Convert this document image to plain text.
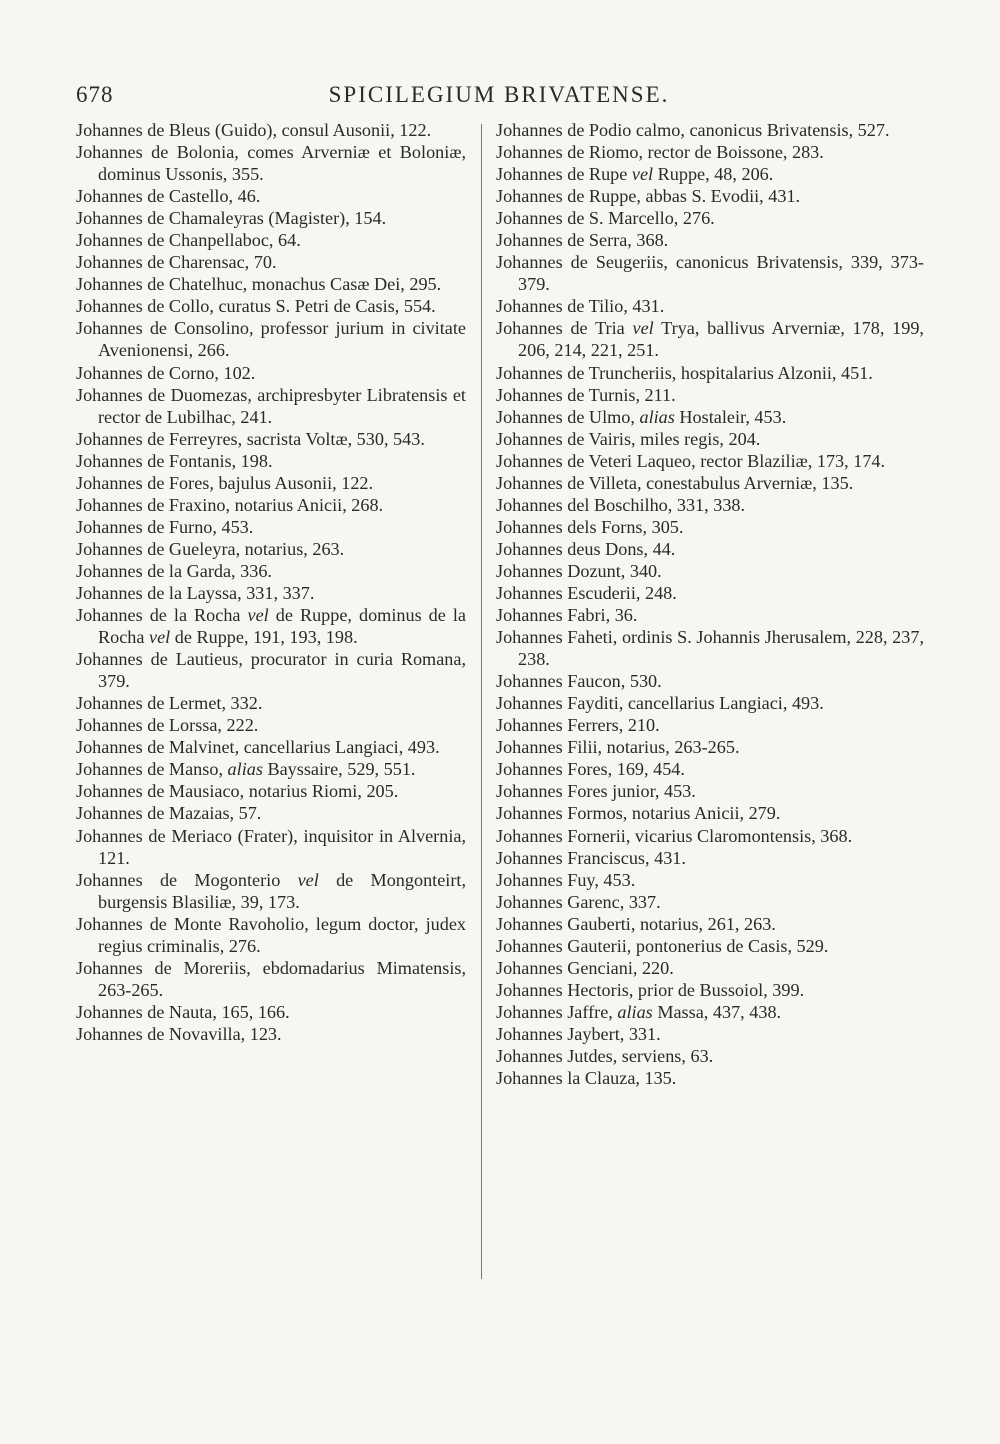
678	SPICILEGIUM BRIVATENSE.
Johannes de Bleus (Guido), consul Ausonii, 122.
Johannes de Bolonia, comes Arverniæ et Boloniæ, dominus Ussonis, 355.
Johannes de Castello, 46.
Johannes de Chamaleyras (Magister), 154.
Johannes de Chanpellaboc, 64.
Johannes de Charensac, 70.
Johannes de Chatelhuc, monachus Casæ Dei, 295.
Johannes de Collo, curatus S. Petri de Casis, 554.
Johannes de Consolino, professor jurium in civitate Avenionensi, 266.
Johannes de Corno, 102.
Johannes de Duomezas, archipresbyter Libratensis et rector de Lubilhac, 241.
Johannes de Ferreyres, sacrista Voltæ, 530, 543.
Johannes de Fontanis, 198.
Johannes de Fores, bajulus Ausonii, 122.
Johannes de Fraxino, notarius Anicii, 268.
Johannes de Furno, 453.
Johannes de Gueleyra, notarius, 263.
Johannes de la Garda, 336.
Johannes de la Layssa, 331, 337.
Johannes de la Rocha vel de Ruppe, dominus de la Rocha vel de Ruppe, 191, 193, 198.
Johannes de Lautieus, procurator in curia Romana, 379.
Johannes de Lermet, 332.
Johannes de Lorssa, 222.
Johannes de Malvinet, cancellarius Langiaci, 493.
Johannes de Manso, alias Bayssaire, 529, 551.
Johannes de Mausiaco, notarius Riomi, 205.
Johannes de Mazaias, 57.
Johannes de Meriaco (Frater), inquisitor in Alvernia, 121.
Johannes de Mogonterio vel de Mongonteirt, burgensis Blasiliæ, 39, 173.
Johannes de Monte Ravoholio, legum doctor, judex regius criminalis, 276.
Johannes de Moreriis, ebdomadarius Mimatensis, 263-265.
Johannes de Nauta, 165, 166.
Johannes de Novavilla, 123.
Johannes de Podio calmo, canonicus Brivatensis, 527.
Johannes de Riomo, rector de Boissone, 283.
Johannes de Rupe vel Ruppe, 48, 206.
Johannes de Ruppe, abbas S. Evodii, 431.
Johannes de S. Marcello, 276.
Johannes de Serra, 368.
Johannes de Seugeriis, canonicus Brivatensis, 339, 373-379.
Johannes de Tilio, 431.
Johannes de Tria vel Trya, ballivus Arverniæ, 178, 199, 206, 214, 221, 251.
Johannes de Truncheriis, hospitalarius Alzonii, 451.
Johannes de Turnis, 211.
Johannes de Ulmo, alias Hostaleir, 453.
Johannes de Vairis, miles regis, 204.
Johannes de Veteri Laqueo, rector Blaziliæ, 173, 174.
Johannes de Villeta, conestabulus Arverniæ, 135.
Johannes del Boschilho, 331, 338.
Johannes dels Forns, 305.
Johannes deus Dons, 44.
Johannes Dozunt, 340.
Johannes Escuderii, 248.
Johannes Fabri, 36.
Johannes Faheti, ordinis S. Johannis Jherusalem, 228, 237, 238.
Johannes Faucon, 530.
Johannes Fayditi, cancellarius Langiaci, 493.
Johannes Ferrers, 210.
Johannes Filii, notarius, 263-265.
Johannes Fores, 169, 454.
Johannes Fores junior, 453.
Johannes Formos, notarius Anicii, 279.
Johannes Fornerii, vicarius Claromontensis, 368.
Johannes Franciscus, 431.
Johannes Fuy, 453.
Johannes Garenc, 337.
Johannes Gauberti, notarius, 261, 263.
Johannes Gauterii, pontonerius de Casis, 529.
Johannes Genciani, 220.
Johannes Hectoris, prior de Bussoiol, 399.
Johannes Jaffre, alias Massa, 437, 438.
Johannes Jaybert, 331.
Johannes Jutdes, serviens, 63.
Johannes la Clauza, 135.
